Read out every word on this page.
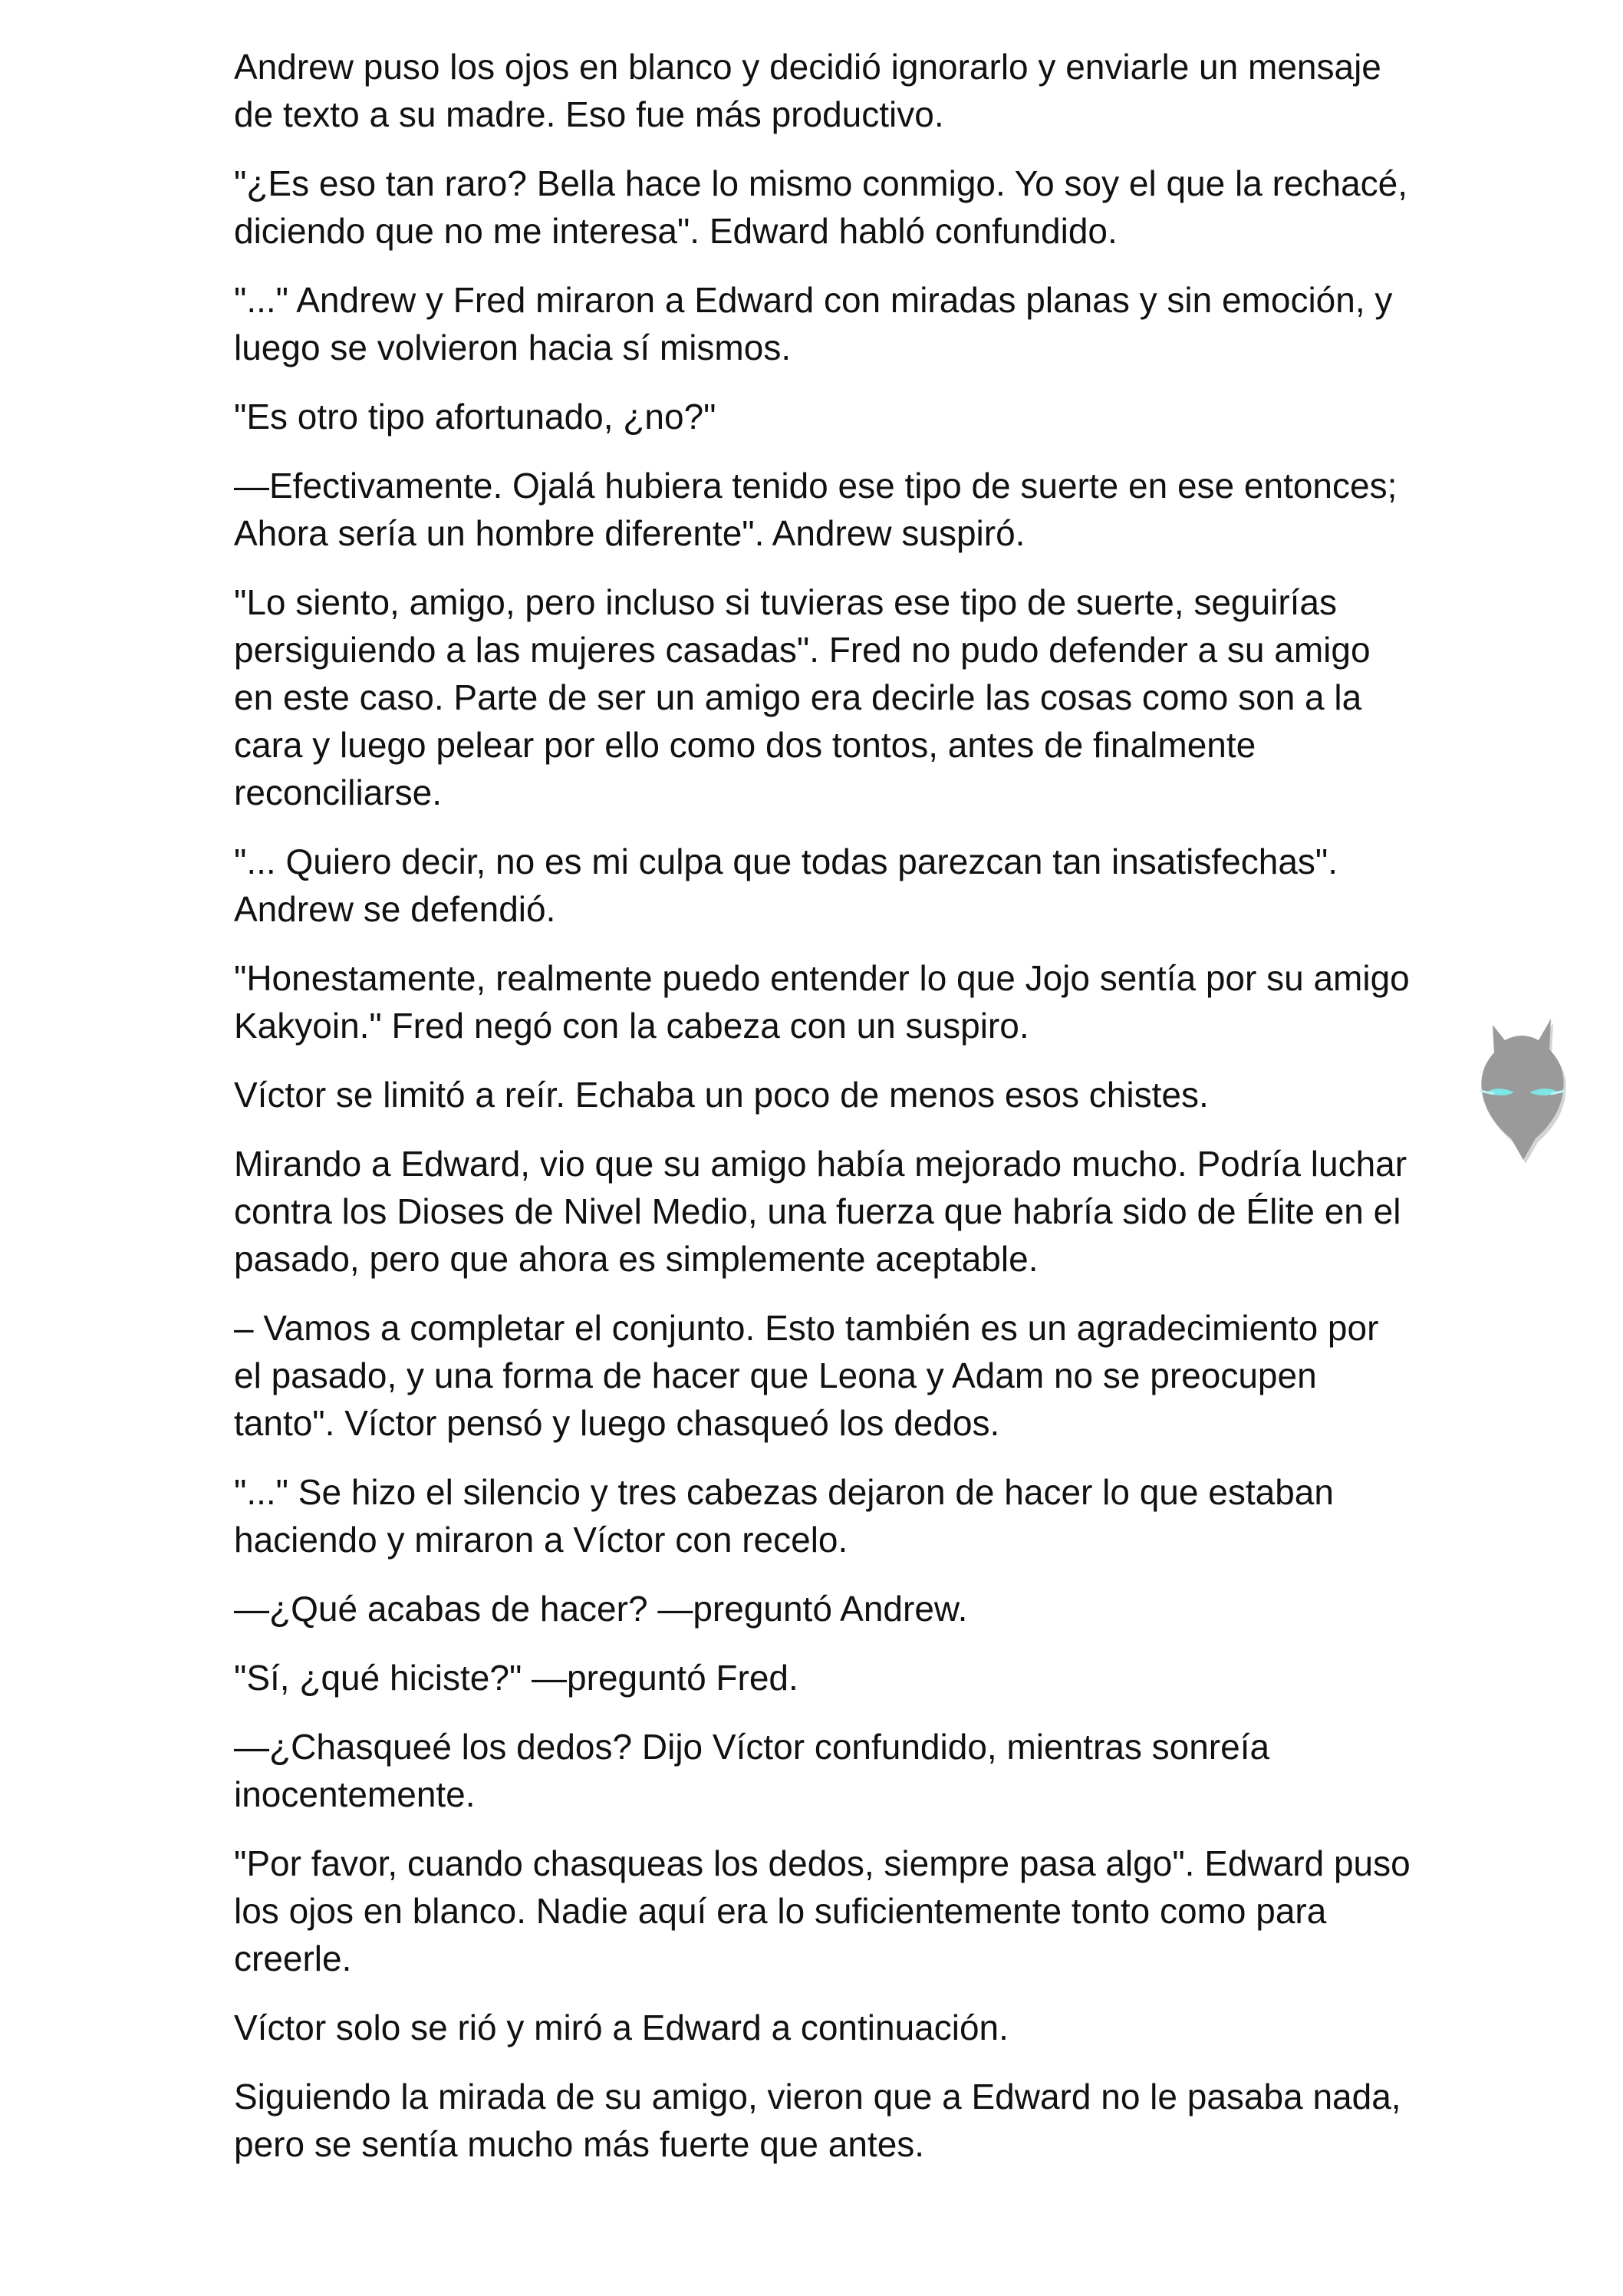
Andrew puso los ojos en blanco y decidió ignorarlo y enviarle un mensaje de texto a su madre. Eso fue más productivo.

"¿Es eso tan raro? Bella hace lo mismo conmigo. Yo soy el que la rechacé, diciendo que no me interesa". Edward habló confundido.

"..." Andrew y Fred miraron a Edward con miradas planas y sin emoción, y luego se volvieron hacia sí mismos.

"Es otro tipo afortunado, ¿no?"

—Efectivamente. Ojalá hubiera tenido ese tipo de suerte en ese entonces; Ahora sería un hombre diferente". Andrew suspiró.

"Lo siento, amigo, pero incluso si tuvieras ese tipo de suerte, seguirías persiguiendo a las mujeres casadas". Fred no pudo defender a su amigo en este caso. Parte de ser un amigo era decirle las cosas como son a la cara y luego pelear por ello como dos tontos, antes de finalmente reconciliarse.

"... Quiero decir, no es mi culpa que todas parezcan tan insatisfechas". Andrew se defendió.

"Honestamente, realmente puedo entender lo que Jojo sentía por su amigo Kakyoin." Fred negó con la cabeza con un suspiro.

Víctor se limitó a reír. Echaba un poco de menos esos chistes.

Mirando a Edward, vio que su amigo había mejorado mucho. Podría luchar contra los Dioses de Nivel Medio, una fuerza que habría sido de Élite en el pasado, pero que ahora es simplemente aceptable.

– Vamos a completar el conjunto. Esto también es un agradecimiento por el pasado, y una forma de hacer que Leona y Adam no se preocupen tanto". Víctor pensó y luego chasqueó los dedos.

"..." Se hizo el silencio y tres cabezas dejaron de hacer lo que estaban haciendo y miraron a Víctor con recelo.

—¿Qué acabas de hacer? —preguntó Andrew.

"Sí, ¿qué hiciste?" —preguntó Fred.

—¿Chasqueé los dedos? Dijo Víctor confundido, mientras sonreía inocentemente.

"Por favor, cuando chasqueas los dedos, siempre pasa algo". Edward puso los ojos en blanco. Nadie aquí era lo suficientemente tonto como para creerle.

Víctor solo se rió y miró a Edward a continuación.

Siguiendo la mirada de su amigo, vieron que a Edward no le pasaba nada, pero se sentía mucho más fuerte que antes.
